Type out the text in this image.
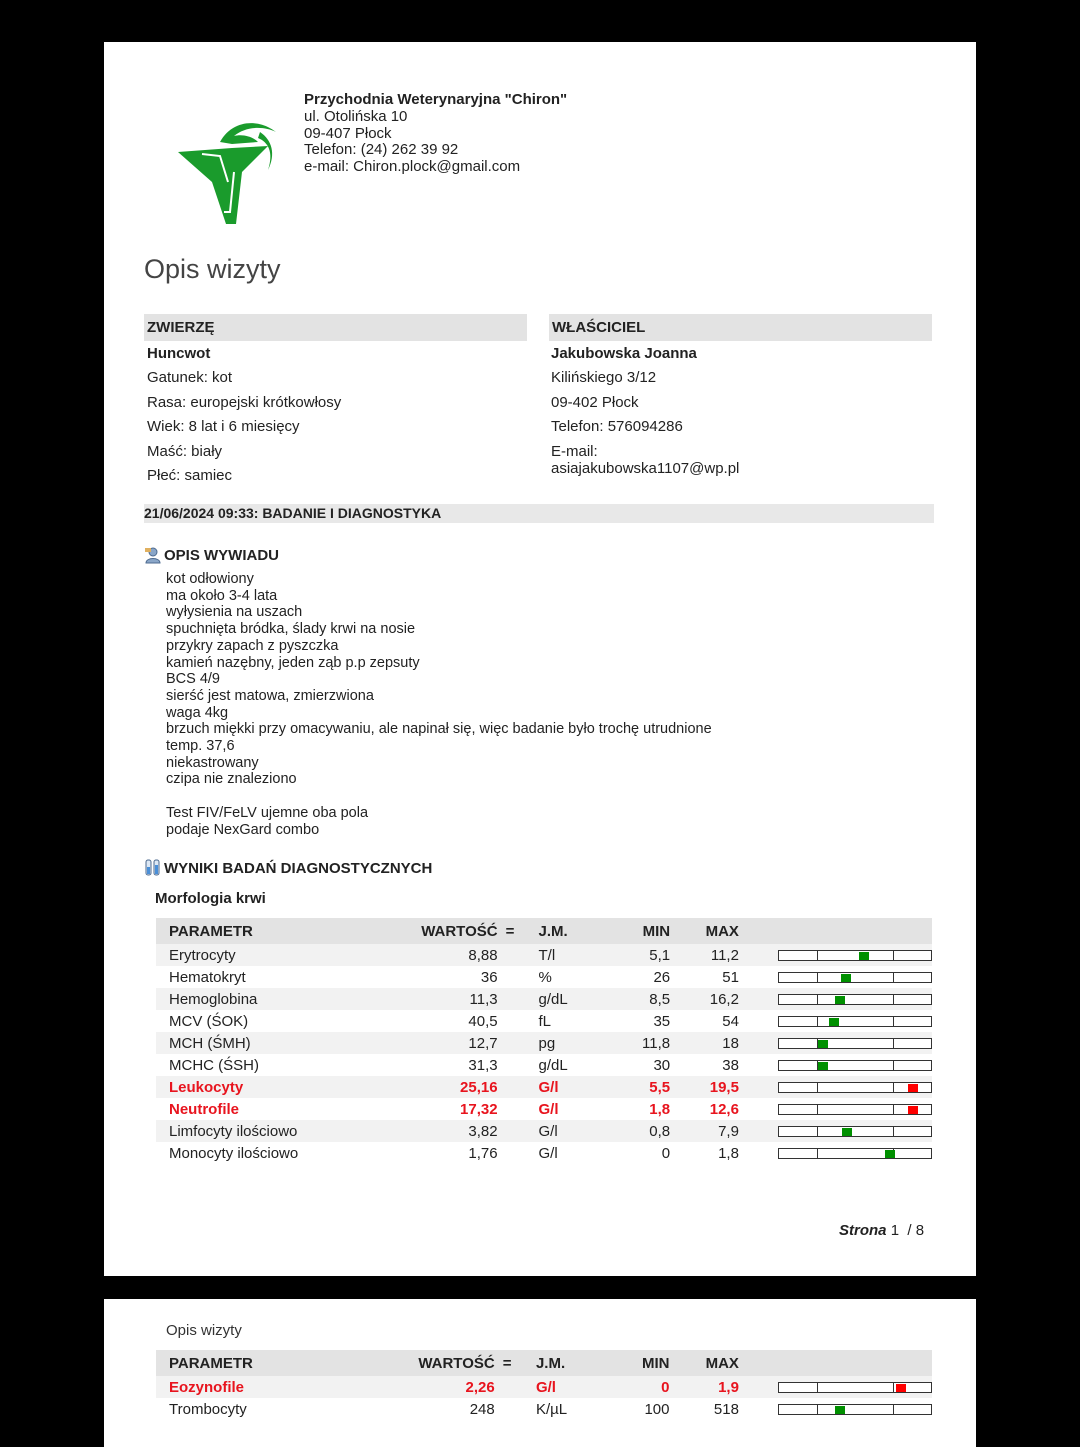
Przychodnia Weterynaryjna "Chiron"
ul. Otolińska 10
09-407 Płock
Telefon: (24) 262 39 92
e-mail: Chiron.plock@gmail.com
Opis wizyty
ZWIERZĘ	WŁAŚCICIEL
Huncwot
Gatunek: kot
Rasa: europejski krótkowłosy
Wiek: 8 lat i 6 miesięcy
Maść: biały
Płeć: samiec
Jakubowska Joanna
Kilińskiego 3/12
09-402 Płock
Telefon: 576094286
E-mail:
asiajakubowska1107@wp.pl
21/06/2024 09:33: BADANIE I DIAGNOSTYKA
OPIS WYWIADU
kot odłowiony
ma około 3-4 lata
wyłysienia na uszach
spuchnięta bródka, ślady krwi na nosie
przykry zapach z pyszczka
kamień nazębny, jeden ząb p.p zepsuty
BCS 4/9
sierść jest matowa, zmierzwiona
waga 4kg
brzuch miękki przy omacywaniu, ale napinał się, więc badanie było trochę utrudnione
temp. 37,6
niekastrowany
czipa nie znaleziono
Test FIV/FeLV ujemne oba pola
podaje NexGard combo
WYNIKI BADAŃ DIAGNOSTYCZNYCH
Morfologia krwi
PARAMETR	WARTOŚĆ	=	J.M.	MIN	MAX	
Erytrocyty	8,88		T/l	5,1	11,2	

Hematokryt	36		%	26	51	

Hemoglobina	11,3		g/dL	8,5	16,2	

MCV (ŚOK)	40,5		fL	35	54	

MCH (ŚMH)	12,7		pg	11,8	18	

MCHC (ŚSH)	31,3		g/dL	30	38	

Leukocyty	25,16		G/l	5,5	19,5	

Neutrofile	17,32		G/l	1,8	12,6	

Limfocyty ilościowo	3,82		G/l	0,8	7,9	

Monocyty ilościowo	1,76		G/l	0	1,8	
Strona 1 / 8
Opis wizyty
PARAMETR	WARTOŚĆ	=	J.M.	MIN	MAX	
Eozynofile	2,26		G/l	0	1,9	

Trombocyty	248		K/µL	100	518	
